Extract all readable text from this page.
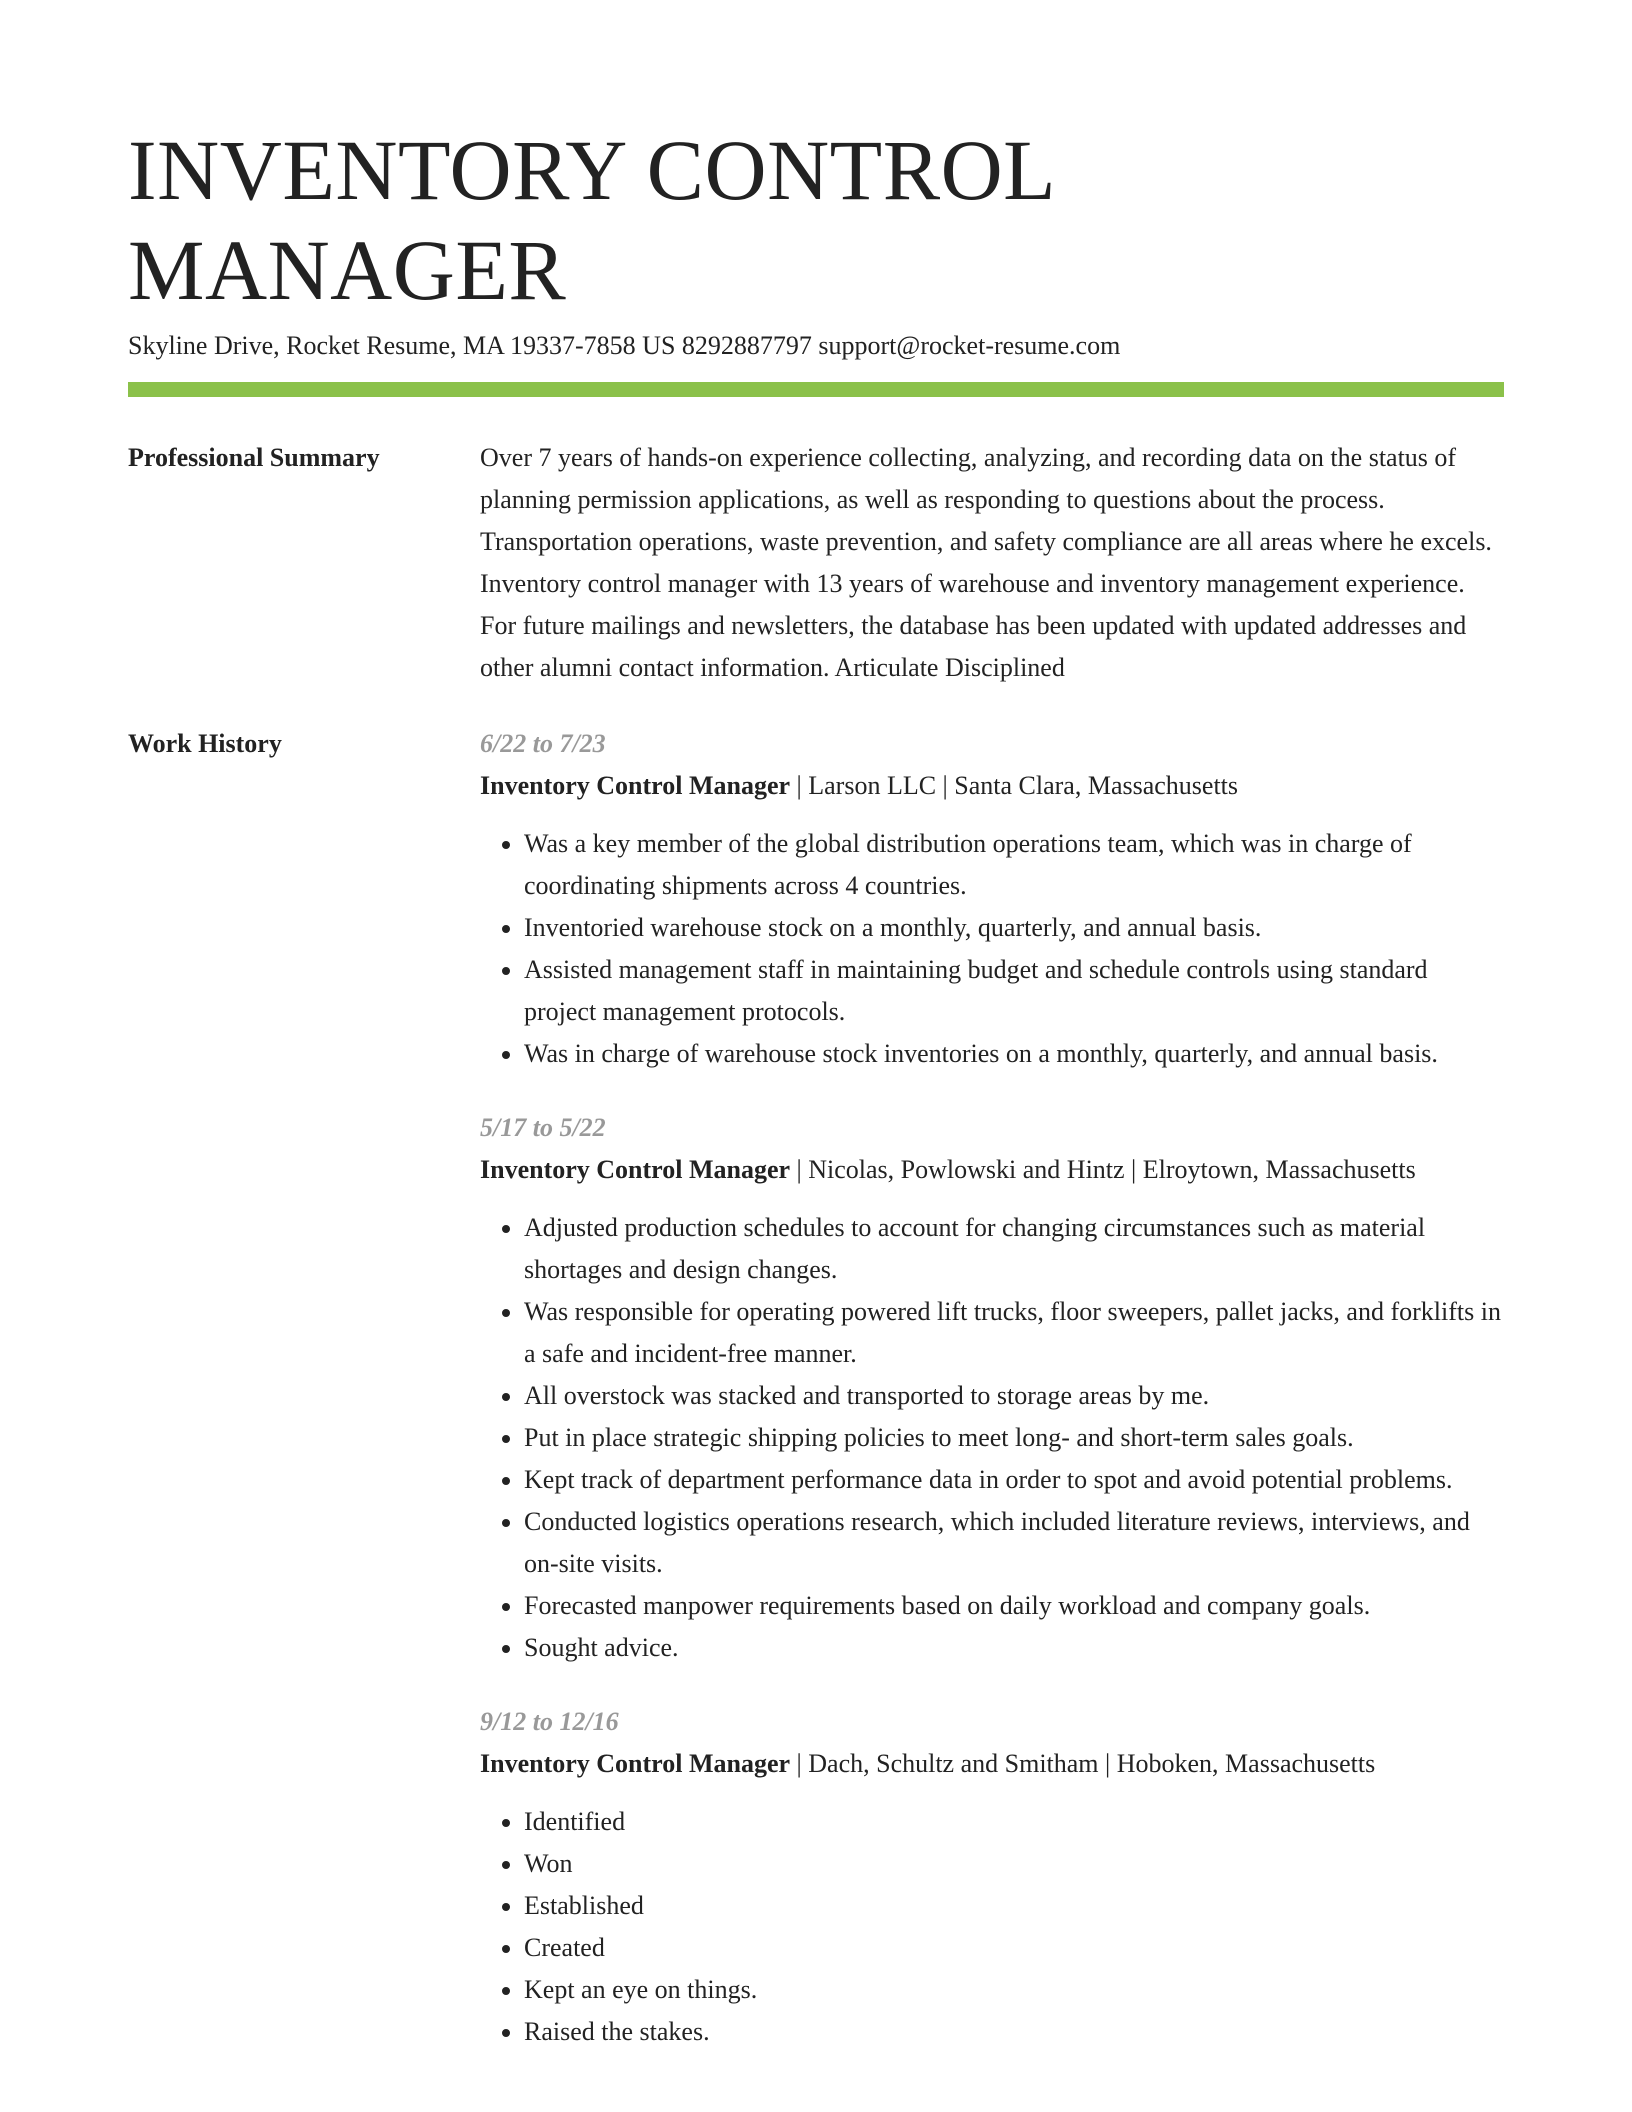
INVENTORY CONTROL MANAGER
Skyline Drive, Rocket Resume, MA 19337-7858 US 8292887797 support@rocket-resume.com
Professional Summary	Over 7 years of hands-on experience collecting, analyzing, and recording data on the status of planning permission applications, as well as responding to questions about the process. Transportation operations, waste prevention, and safety compliance are all areas where he excels. Inventory control manager with 13 years of warehouse and inventory management experience. For future mailings and newsletters, the database has been updated with updated addresses and other alumni contact information. Articulate Disciplined

Work History	6/22 to 7/23
Inventory Control Manager | Larson LLC | Santa Clara, Massachusetts
• Was a key member of the global distribution operations team, which was in charge of coordinating shipments across 4 countries.
• Inventoried warehouse stock on a monthly, quarterly, and annual basis.
• Assisted management staff in maintaining budget and schedule controls using standard project management protocols.
• Was in charge of warehouse stock inventories on a monthly, quarterly, and annual basis.
5/17 to 5/22
Inventory Control Manager | Nicolas, Powlowski and Hintz | Elroytown, Massachusetts
• Adjusted production schedules to account for changing circumstances such as material shortages and design changes.
• Was responsible for operating powered lift trucks, floor sweepers, pallet jacks, and forklifts in a safe and incident-free manner.
• All overstock was stacked and transported to storage areas by me.
• Put in place strategic shipping policies to meet long- and short-term sales goals.
• Kept track of department performance data in order to spot and avoid potential problems.
• Conducted logistics operations research, which included literature reviews, interviews, and on-site visits.
• Forecasted manpower requirements based on daily workload and company goals.
• Sought advice.
9/12 to 12/16
Inventory Control Manager | Dach, Schultz and Smitham | Hoboken, Massachusetts
• Identified
• Won
• Established
• Created
• Kept an eye on things.
• Raised the stakes.
